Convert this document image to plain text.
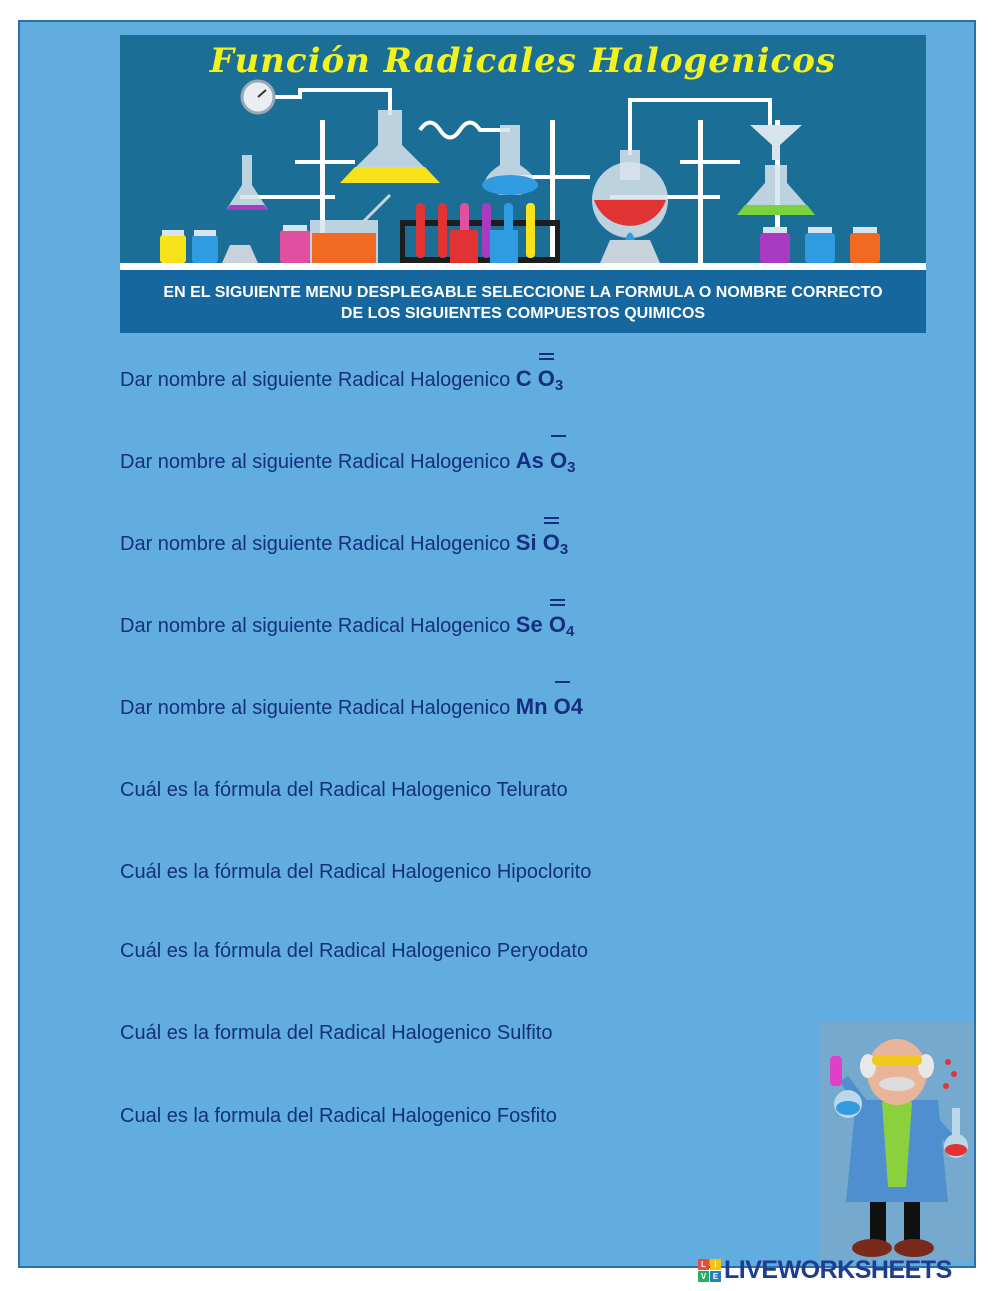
Función Radicales Halogenicos
EN EL SIGUIENTE MENU DESPLEGABLE SELECCIONE LA FORMULA O NOMBRE CORRECTO DE LOS SIGUIENTES COMPUESTOS QUIMICOS
Dar nombre al siguiente Radical Halogenico C O3
Dar nombre al siguiente Radical Halogenico As O3
Dar nombre al siguiente Radical Halogenico Si O3
Dar nombre al siguiente Radical Halogenico Se O4
Dar nombre al siguiente Radical Halogenico Mn O4
Cuál es la fórmula del Radical Halogenico Telurato
Cuál es la fórmula del Radical Halogenico Hipoclorito
Cuál es la fórmula del Radical Halogenico Peryodato
Cuál es la formula del Radical Halogenico Sulfito
Cual es la formula del Radical Halogenico Fosfito
L	I
V E LIVEWORKSHEETS
